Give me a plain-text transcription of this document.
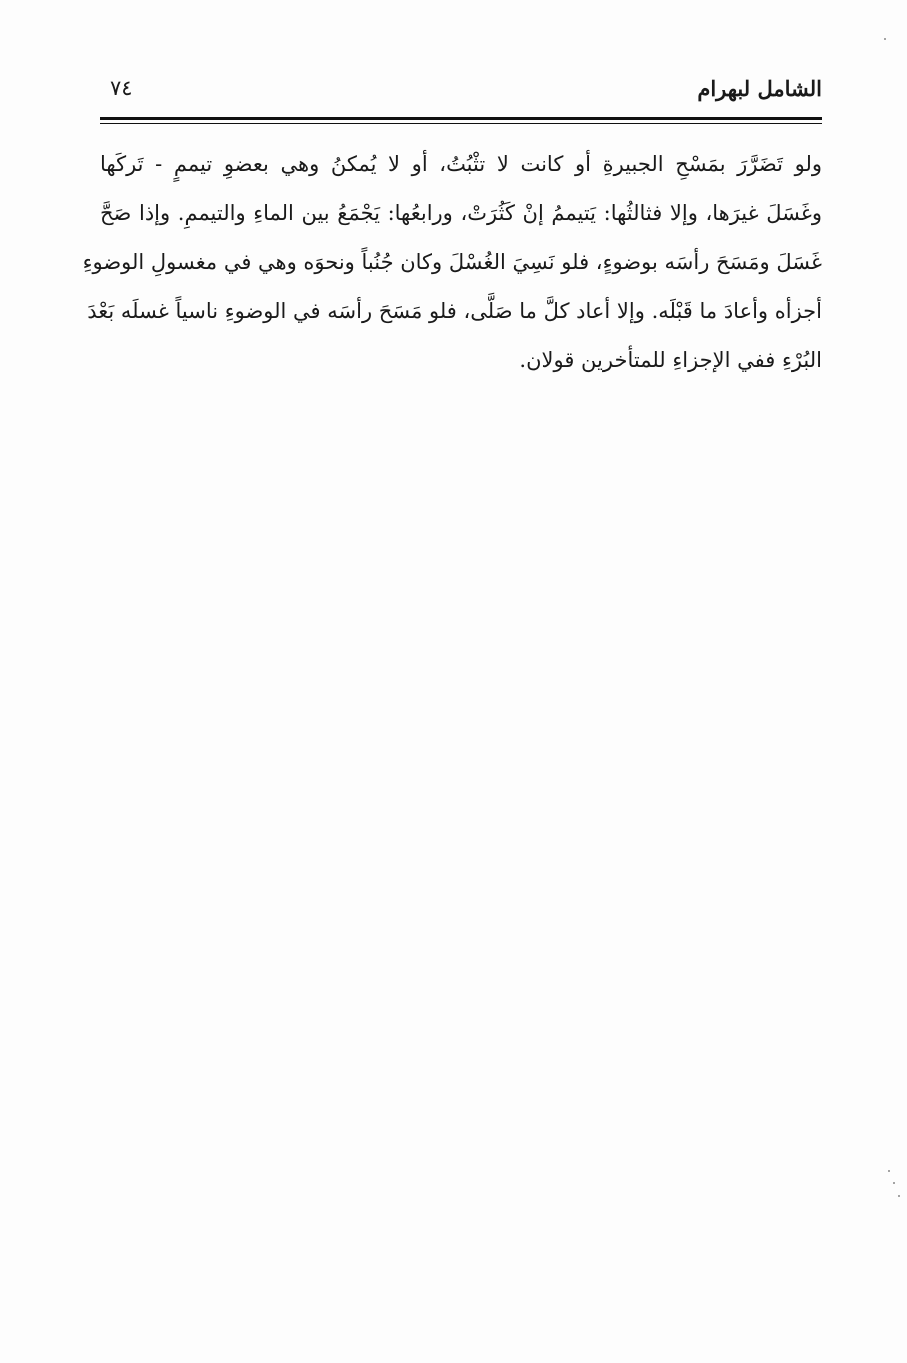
٧٤	الشامل لبهرام
ولو تَضَرَّرَ بمَسْحِ الجبيرةِ أو كانت لا تثْبُتُ، أو لا يُمكنُ وهي بعضوِ تيممٍ - تَركَها
وغَسَلَ غيرَها، وإلا فثالثُها: يَتيممُ إنْ كَثُرَتْ، ورابعُها: يَجْمَعُ بين الماءِ والتيممِ. وإذا صَحَّ
غَسَلَ ومَسَحَ رأسَه بوضوءٍ، فلو نَسِيَ الغُسْلَ وكان جُنُباً ونحوَه وهي في مغسولِ الوضوءِ
أجزأه وأعادَ ما قَبْلَه. وإلا أعاد كلَّ ما صَلَّى، فلو مَسَحَ رأسَه في الوضوءِ ناسياً غسلَه بَعْدَ
البُرْءِ ففي الإجزاءِ للمتأخرين قولان.
